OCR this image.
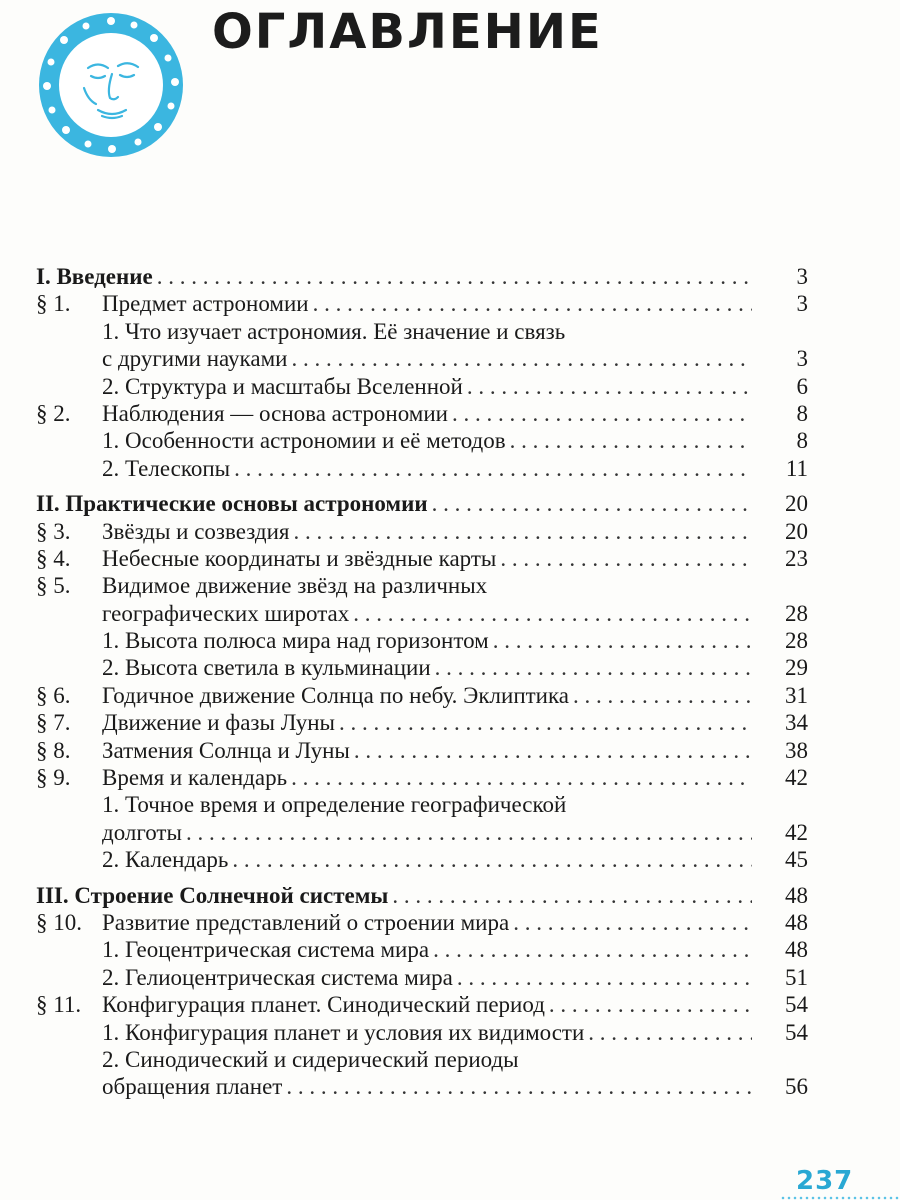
ОГЛАВЛЕНИЕ
I. Введение . . .	3
§ 1. Предмет астрономии . . .	3
1. Что изучает астрономия. Её значение и связь
с другими науками . . .	3
2. Структура и масштабы Вселенной . . .	6
§ 2. Наблюдения — основа астрономии . . .	8
1. Особенности астрономии и её методов . . .	8
2. Телескопы . . .	11
II. Практические основы астрономии . . .	20
§ 3. Звёзды и созвездия . . .	20
§ 4. Небесные координаты и звёздные карты . . .	23
§ 5. Видимое движение звёзд на различных
географических широтах . . .	28
1. Высота полюса мира над горизонтом . . .	28
2. Высота светила в кульминации . . .	29
§ 6. Годичное движение Солнца по небу. Эклиптика . . .	31
§ 7. Движение и фазы Луны . . .	34
§ 8. Затмения Солнца и Луны . . .	38
§ 9. Время и календарь . . .	42
1. Точное время и определение географической
долготы . . .	42
2. Календарь . . .	45
III. Строение Солнечной системы . . .	48
§ 10. Развитие представлений о строении мира . . .	48
1. Геоцентрическая система мира . . .	48
2. Гелиоцентрическая система мира . . .	51
§ 11. Конфигурация планет. Синодический период . . .	54
1. Конфигурация планет и условия их видимости . . .	54
2. Синодический и сидерический периоды
обращения планет . . .	56
237
